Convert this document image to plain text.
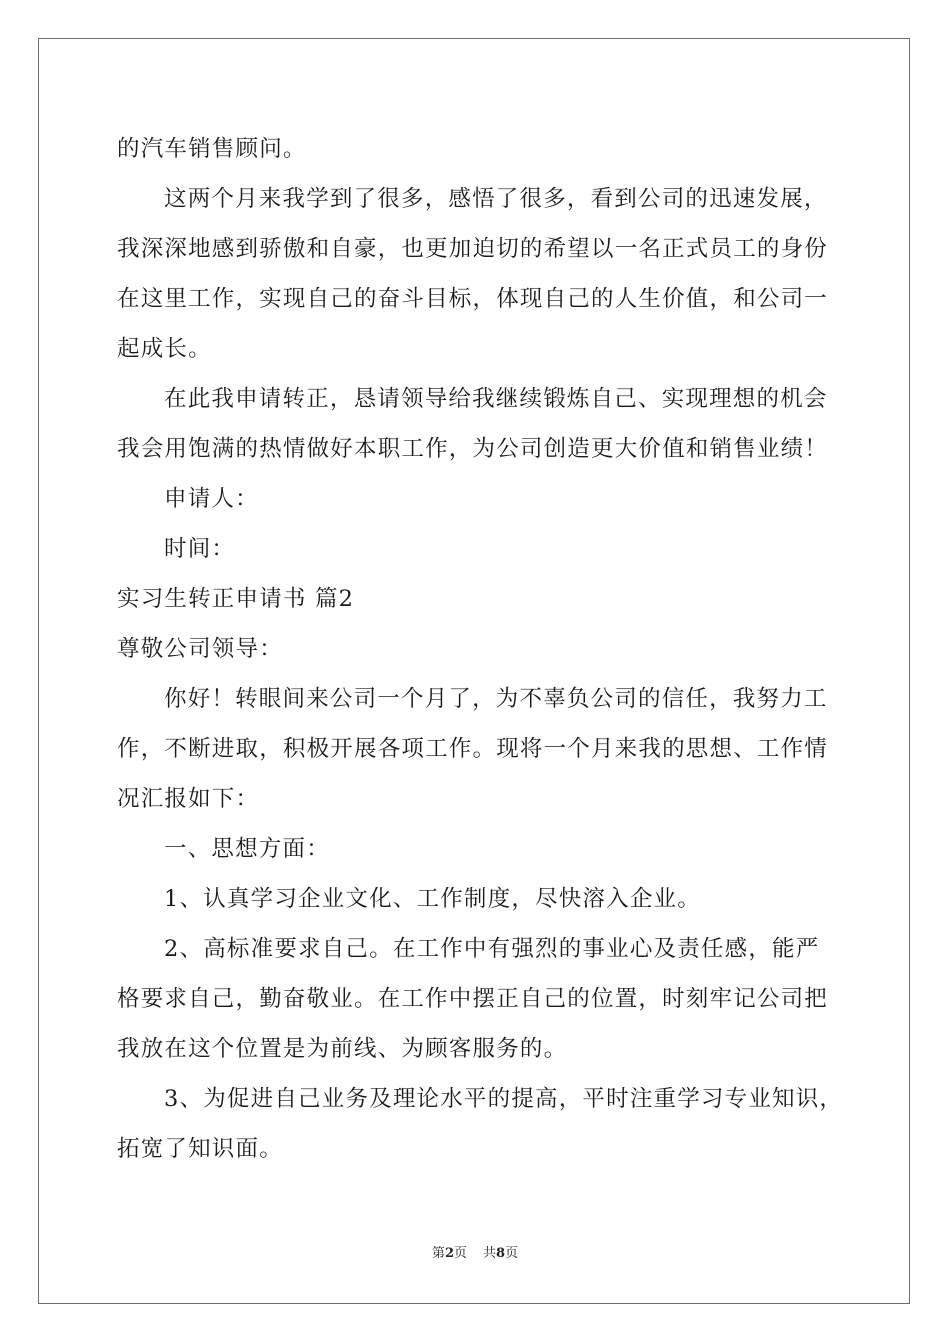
的汽车销售顾问。
这两个月来我学到了很多，感悟了很多，看到公司的迅速发展，
我深深地感到骄傲和自豪，也更加迫切的希望以一名正式员工的身份
在这里工作，实现自己的奋斗目标，体现自己的人生价值，和公司一
起成长。
在此我申请转正，恳请领导给我继续锻炼自己、实现理想的机会
我会用饱满的热情做好本职工作，为公司创造更大价值和销售业绩！
申请人：
时间：
实习生转正申请书 篇2
尊敬公司领导：
你好！转眼间来公司一个月了，为不辜负公司的信任，我努力工
作，不断进取，积极开展各项工作。现将一个月来我的思想、工作情
况汇报如下：
一、思想方面：
1、认真学习企业文化、工作制度，尽快溶入企业。
2、高标准要求自己。在工作中有强烈的事业心及责任感，能严
格要求自己，勤奋敬业。在工作中摆正自己的位置，时刻牢记公司把
我放在这个位置是为前线、为顾客服务的。
3、为促进自己业务及理论水平的提高，平时注重学习专业知识，
拓宽了知识面。
第2页 共8页
